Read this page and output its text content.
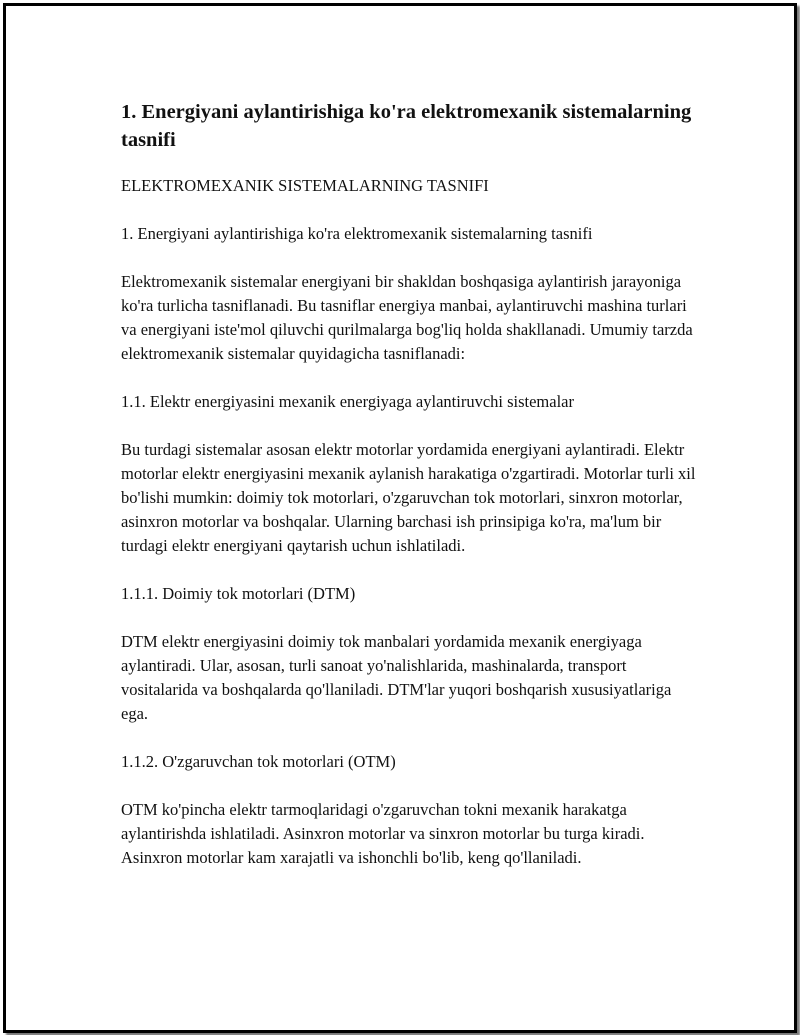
1. Energiyani aylantirishiga ko'ra elektromexanik sistemalarning tasnifi

ELEKTROMEXANIK SISTEMALARNING TASNIFI

1. Energiyani aylantirishiga ko'ra elektromexanik sistemalarning tasnifi

Elektromexanik sistemalar energiyani bir shakldan boshqasiga aylantirish jarayoniga ko'ra turlicha tasniflanadi. Bu tasniflar energiya manbai, aylantiruvchi mashina turlari va energiyani iste'mol qiluvchi qurilmalarga bog'liq holda shakllanadi. Umumiy tarzda elektromexanik sistemalar quyidagicha tasniflanadi:

1.1. Elektr energiyasini mexanik energiyaga aylantiruvchi sistemalar

Bu turdagi sistemalar asosan elektr motorlar yordamida energiyani aylantiradi. Elektr motorlar elektr energiyasini mexanik aylanish harakatiga o'zgartiradi. Motorlar turli xil bo'lishi mumkin: doimiy tok motorlari, o'zgaruvchan tok motorlari, sinxron motorlar, asinxron motorlar va boshqalar. Ularning barchasi ish prinsipiga ko'ra, ma'lum bir turdagi elektr energiyani qaytarish uchun ishlatiladi.

1.1.1. Doimiy tok motorlari (DTM)

DTM elektr energiyasini doimiy tok manbalari yordamida mexanik energiyaga aylantiradi. Ular, asosan, turli sanoat yo'nalishlarida, mashinalarda, transport vositalarida va boshqalarda qo'llaniladi. DTM'lar yuqori boshqarish xususiyatlariga ega.

1.1.2. O'zgaruvchan tok motorlari (OTM)

OTM ko'pincha elektr tarmoqlaridagi o'zgaruvchan tokni mexanik harakatga aylantirishda ishlatiladi. Asinxron motorlar va sinxron motorlar bu turga kiradi. Asinxron motorlar kam xarajatli va ishonchli bo'lib, keng qo'llaniladi.
